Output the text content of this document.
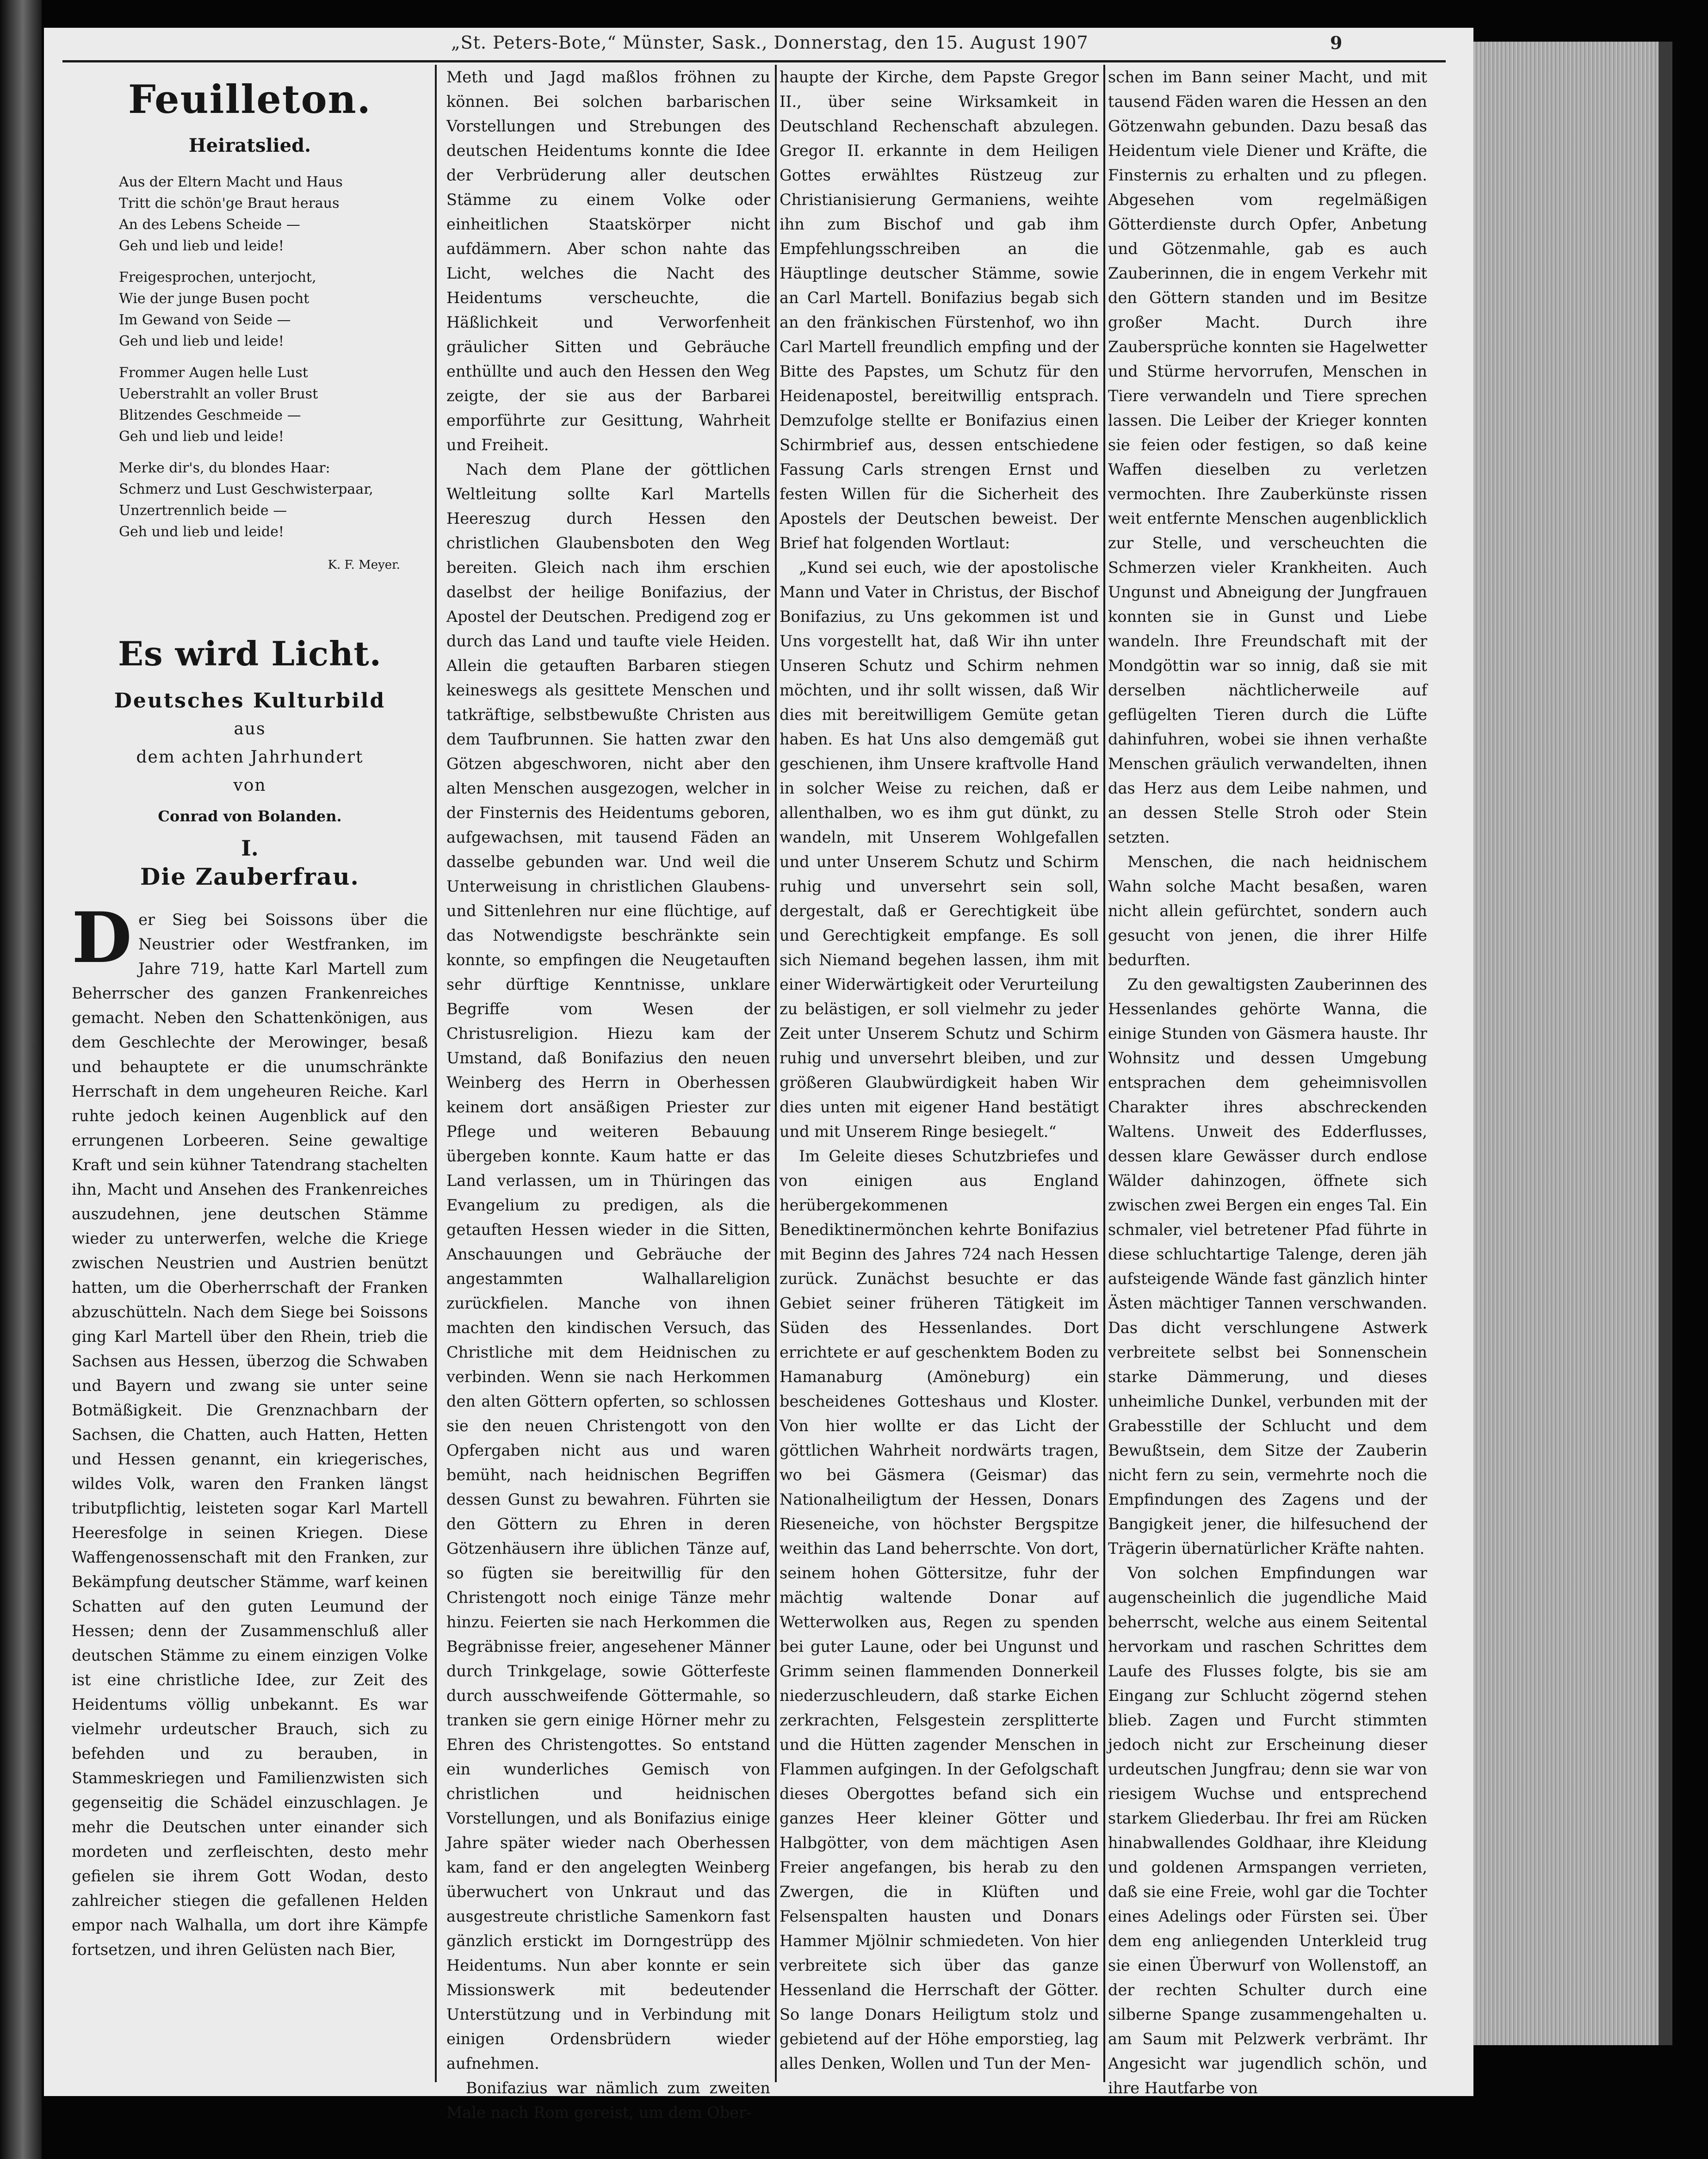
„St. Peters-Bote,“ Münster, Sask., Donnerstag, den 15. August 1907	9
Feuilleton.
Heiratslied.

Aus der Eltern Macht und Haus

Tritt die schön'ge Braut heraus

An des Lebens Scheide —

Geh und lieb und leide!

Freigesprochen, unterjocht,

Wie der junge Busen pocht

Im Gewand von Seide —

Geh und lieb und leide!

Frommer Augen helle Lust

Ueberstrahlt an voller Brust

Blitzendes Geschmeide —

Geh und lieb und leide!

Merke dir's, du blondes Haar:

Schmerz und Lust Geschwisterpaar,

Unzertrennlich beide —

Geh und lieb und leide!

K. F. Meyer.
Es wird Licht.
Deutsches Kulturbild
aus
dem achten Jahrhundert
von
Conrad von Bolanden.
I.
Die Zauberfrau.

Der Sieg bei Soissons über die Neustrier oder Westfranken, im Jahre 719, hatte Karl Martell zum Beherrscher des ganzen Frankenreiches gemacht. Neben den Schattenkönigen, aus dem Geschlechte der Merowinger, besaß und behauptete er die unumschränkte Herrschaft in dem ungeheuren Reiche. Karl ruhte jedoch keinen Augenblick auf den errungenen Lorbeeren. Seine gewaltige Kraft und sein kühner Tatendrang stachelten ihn, Macht und Ansehen des Frankenreiches auszudehnen, jene deutschen Stämme wieder zu unterwerfen, welche die Kriege zwischen Neustrien und Austrien benützt hatten, um die Oberherrschaft der Franken abzuschütteln. Nach dem Siege bei Soissons ging Karl Martell über den Rhein, trieb die Sachsen aus Hessen, überzog die Schwaben und Bayern und zwang sie unter seine Botmäßigkeit. Die Grenznachbarn der Sachsen, die Chatten, auch Hatten, Hetten und Hessen genannt, ein kriegerisches, wildes Volk, waren den Franken längst tributpflichtig, leisteten sogar Karl Martell Heeresfolge in seinen Kriegen. Diese Waffengenossenschaft mit den Franken, zur Bekämpfung deutscher Stämme, warf keinen Schatten auf den guten Leumund der Hessen; denn der Zusammenschluß aller deutschen Stämme zu einem einzigen Volke ist eine christliche Idee, zur Zeit des Heidentums völlig unbekannt. Es war vielmehr urdeutscher Brauch, sich zu befehden und zu berauben, in Stammeskriegen und Familienzwisten sich gegenseitig die Schädel einzuschlagen. Je mehr die Deutschen unter einander sich mordeten und zerfleischten, desto mehr gefielen sie ihrem Gott Wodan, desto zahlreicher stiegen die gefallenen Helden empor nach Walhalla, um dort ihre Kämpfe fortsetzen, und ihren Gelüsten nach Bier,

Meth und Jagd maßlos fröhnen zu können. Bei solchen barbarischen Vorstellungen und Strebungen des deutschen Heidentums konnte die Idee der Verbrüderung aller deutschen Stämme zu einem Volke oder einheitlichen Staatskörper nicht aufdämmern. Aber schon nahte das Licht, welches die Nacht des Heidentums verscheuchte, die Häßlichkeit und Verworfenheit gräulicher Sitten und Gebräuche enthüllte und auch den Hessen den Weg zeigte, der sie aus der Barbarei emporführte zur Gesittung, Wahrheit und Freiheit.

Nach dem Plane der göttlichen Weltleitung sollte Karl Martells Heereszug durch Hessen den christlichen Glaubensboten den Weg bereiten. Gleich nach ihm erschien daselbst der heilige Bonifazius, der Apostel der Deutschen. Predigend zog er durch das Land und taufte viele Heiden. Allein die getauften Barbaren stiegen keineswegs als gesittete Menschen und tatkräftige, selbstbewußte Christen aus dem Taufbrunnen. Sie hatten zwar den Götzen abgeschworen, nicht aber den alten Menschen ausgezogen, welcher in der Finsternis des Heidentums geboren, aufgewachsen, mit tausend Fäden an dasselbe gebunden war. Und weil die Unterweisung in christlichen Glaubens- und Sittenlehren nur eine flüchtige, auf das Notwendigste beschränkte sein konnte, so empfingen die Neugetauften sehr dürftige Kenntnisse, unklare Begriffe vom Wesen der Christusreligion. Hiezu kam der Umstand, daß Bonifazius den neuen Weinberg des Herrn in Oberhessen keinem dort ansäßigen Priester zur Pflege und weiteren Bebauung übergeben konnte. Kaum hatte er das Land verlassen, um in Thüringen das Evangelium zu predigen, als die getauften Hessen wieder in die Sitten, Anschauungen und Gebräuche der angestammten Walhallareligion zurückfielen. Manche von ihnen machten den kindischen Versuch, das Christliche mit dem Heidnischen zu verbinden. Wenn sie nach Herkommen den alten Göttern opferten, so schlossen sie den neuen Christengott von den Opfergaben nicht aus und waren bemüht, nach heidnischen Begriffen dessen Gunst zu bewahren. Führten sie den Göttern zu Ehren in deren Götzenhäusern ihre üblichen Tänze auf, so fügten sie bereitwillig für den Christengott noch einige Tänze mehr hinzu. Feierten sie nach Herkommen die Begräbnisse freier, angesehener Männer durch Trinkgelage, sowie Götterfeste durch ausschweifende Göttermahle, so tranken sie gern einige Hörner mehr zu Ehren des Christengottes. So entstand ein wunderliches Gemisch von christlichen und heidnischen Vorstellungen, und als Bonifazius einige Jahre später wieder nach Oberhessen kam, fand er den angelegten Weinberg überwuchert von Unkraut und das ausgestreute christliche Samenkorn fast gänzlich erstickt im Dorngestrüpp des Heidentums. Nun aber konnte er sein Missionswerk mit bedeutender Unterstützung und in Verbindung mit einigen Ordensbrüdern wieder aufnehmen.

Bonifazius war nämlich zum zweiten Male nach Rom gereist, um dem Ober-

haupte der Kirche, dem Papste Gregor II., über seine Wirksamkeit in Deutschland Rechenschaft abzulegen. Gregor II. erkannte in dem Heiligen Gottes erwähltes Rüstzeug zur Christianisierung Germaniens, weihte ihn zum Bischof und gab ihm Empfehlungsschreiben an die Häuptlinge deutscher Stämme, sowie an Carl Martell. Bonifazius begab sich an den fränkischen Fürstenhof, wo ihn Carl Martell freundlich empfing und der Bitte des Papstes, um Schutz für den Heidenapostel, bereitwillig entsprach. Demzufolge stellte er Bonifazius einen Schirmbrief aus, dessen entschiedene Fassung Carls strengen Ernst und festen Willen für die Sicherheit des Apostels der Deutschen beweist. Der Brief hat folgenden Wortlaut:

„Kund sei euch, wie der apostolische Mann und Vater in Christus, der Bischof Bonifazius, zu Uns gekommen ist und Uns vorgestellt hat, daß Wir ihn unter Unseren Schutz und Schirm nehmen möchten, und ihr sollt wissen, daß Wir dies mit bereitwilligem Gemüte getan haben. Es hat Uns also demgemäß gut geschienen, ihm Unsere kraftvolle Hand in solcher Weise zu reichen, daß er allenthalben, wo es ihm gut dünkt, zu wandeln, mit Unserem Wohlgefallen und unter Unserem Schutz und Schirm ruhig und unversehrt sein soll, dergestalt, daß er Gerechtigkeit übe und Gerechtigkeit empfange. Es soll sich Niemand begehen lassen, ihm mit einer Widerwärtigkeit oder Verurteilung zu belästigen, er soll vielmehr zu jeder Zeit unter Unserem Schutz und Schirm ruhig und unversehrt bleiben, und zur größeren Glaubwürdigkeit haben Wir dies unten mit eigener Hand bestätigt und mit Unserem Ringe besiegelt.“

Im Geleite dieses Schutzbriefes und von einigen aus England herübergekommenen Benediktinermönchen kehrte Bonifazius mit Beginn des Jahres 724 nach Hessen zurück. Zunächst besuchte er das Gebiet seiner früheren Tätigkeit im Süden des Hessenlandes. Dort errichtete er auf geschenktem Boden zu Hamanaburg (Amöneburg) ein bescheidenes Gotteshaus und Kloster. Von hier wollte er das Licht der göttlichen Wahrheit nordwärts tragen, wo bei Gäsmera (Geismar) das Nationalheiligtum der Hessen, Donars Rieseneiche, von höchster Bergspitze weithin das Land beherrschte. Von dort, seinem hohen Göttersitze, fuhr der mächtig waltende Donar auf Wetterwolken aus, Regen zu spenden bei guter Laune, oder bei Ungunst und Grimm seinen flammenden Donnerkeil niederzuschleudern, daß starke Eichen zerkrachten, Felsgestein zersplitterte und die Hütten zagender Menschen in Flammen aufgingen. In der Gefolgschaft dieses Obergottes befand sich ein ganzes Heer kleiner Götter und Halbgötter, von dem mächtigen Asen Freier angefangen, bis herab zu den Zwergen, die in Klüften und Felsenspalten hausten und Donars Hammer Mjölnir schmiedeten. Von hier verbreitete sich über das ganze Hessenland die Herrschaft der Götter. So lange Donars Heiligtum stolz und gebietend auf der Höhe emporstieg, lag alles Denken, Wollen und Tun der Men-

schen im Bann seiner Macht, und mit tausend Fäden waren die Hessen an den Götzenwahn gebunden. Dazu besaß das Heidentum viele Diener und Kräfte, die Finsternis zu erhalten und zu pflegen. Abgesehen vom regelmäßigen Götterdienste durch Opfer, Anbetung und Götzenmahle, gab es auch Zauberinnen, die in engem Verkehr mit den Göttern standen und im Besitze großer Macht. Durch ihre Zaubersprüche konnten sie Hagelwetter und Stürme hervorrufen, Menschen in Tiere verwandeln und Tiere sprechen lassen. Die Leiber der Krieger konnten sie feien oder festigen, so daß keine Waffen dieselben zu verletzen vermochten. Ihre Zauberkünste rissen weit entfernte Menschen augenblicklich zur Stelle, und verscheuchten die Schmerzen vieler Krankheiten. Auch Ungunst und Abneigung der Jungfrauen konnten sie in Gunst und Liebe wandeln. Ihre Freundschaft mit der Mondgöttin war so innig, daß sie mit derselben nächtlicherweile auf geflügelten Tieren durch die Lüfte dahinfuhren, wobei sie ihnen verhaßte Menschen gräulich verwandelten, ihnen das Herz aus dem Leibe nahmen, und an dessen Stelle Stroh oder Stein setzten.

Menschen, die nach heidnischem Wahn solche Macht besaßen, waren nicht allein gefürchtet, sondern auch gesucht von jenen, die ihrer Hilfe bedurften.

Zu den gewaltigsten Zauberinnen des Hessenlandes gehörte Wanna, die einige Stunden von Gäsmera hauste. Ihr Wohnsitz und dessen Umgebung entsprachen dem geheimnisvollen Charakter ihres abschreckenden Waltens. Unweit des Edderflusses, dessen klare Gewässer durch endlose Wälder dahinzogen, öffnete sich zwischen zwei Bergen ein enges Tal. Ein schmaler, viel betretener Pfad führte in diese schluchtartige Talenge, deren jäh aufsteigende Wände fast gänzlich hinter Ästen mächtiger Tannen verschwanden. Das dicht verschlungene Astwerk verbreitete selbst bei Sonnenschein starke Dämmerung, und dieses unheimliche Dunkel, verbunden mit der Grabesstille der Schlucht und dem Bewußtsein, dem Sitze der Zauberin nicht fern zu sein, vermehrte noch die Empfindungen des Zagens und der Bangigkeit jener, die hilfesuchend der Trägerin übernatürlicher Kräfte nahten.

Von solchen Empfindungen war augenscheinlich die jugendliche Maid beherrscht, welche aus einem Seitental hervorkam und raschen Schrittes dem Laufe des Flusses folgte, bis sie am Eingang zur Schlucht zögernd stehen blieb. Zagen und Furcht stimmten jedoch nicht zur Erscheinung dieser urdeutschen Jungfrau; denn sie war von riesigem Wuchse und entsprechend starkem Gliederbau. Ihr frei am Rücken hinabwallendes Goldhaar, ihre Kleidung und goldenen Armspangen verrieten, daß sie eine Freie, wohl gar die Tochter eines Adelings oder Fürsten sei. Über dem eng anliegenden Unterkleid trug sie einen Überwurf von Wollenstoff, an der rechten Schulter durch eine silberne Spange zusammengehalten u. am Saum mit Pelzwerk verbrämt. Ihr Angesicht war jugendlich schön, und ihre Hautfarbe von
